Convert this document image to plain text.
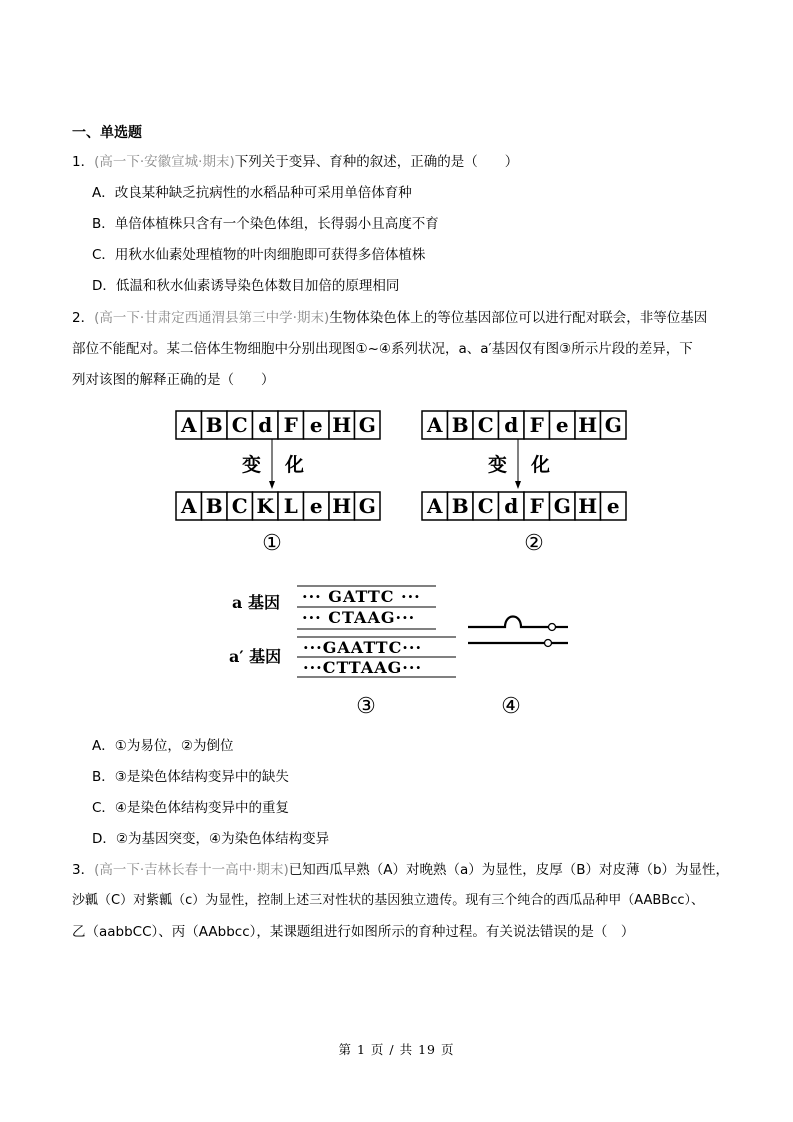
一、单选题
1．(高一下·安徽宣城·期末)下列关于变异、育种的叙述，正确的是（　　）
A．改良某种缺乏抗病性的水稻品种可采用单倍体育种
B．单倍体植株只含有一个染色体组，长得弱小且高度不育
C．用秋水仙素处理植物的叶肉细胞即可获得多倍体植株
D．低温和秋水仙素诱导染色体数目加倍的原理相同
2．(高一下·甘肃定西通渭县第三中学·期末)生物体染色体上的等位基因部位可以进行配对联会，非等位基因
部位不能配对。某二倍体生物细胞中分别出现图①~④系列状况，a、a′基因仅有图③所示片段的差异，下
列对该图的解释正确的是（　　）
A B C d F e H G
A B C K L e H G
A B C d F e H G
A B C d F G H e
变 化	变 化
①	②
a 基因 ··· GATTC ···
··· CTAAG···
a′ 基因 ···GAATTC···
···CTTAAG···
③	④
A．①为易位，②为倒位
B．③是染色体结构变异中的缺失
C．④是染色体结构变异中的重复
D．②为基因突变，④为染色体结构变异
3．(高一下·吉林长春十一高中·期末)已知西瓜早熟（A）对晚熟（a）为显性，皮厚（B）对皮薄（b）为显性，
沙瓤（C）对紫瓤（c）为显性，控制上述三对性状的基因独立遗传。现有三个纯合的西瓜品种甲（AABBcc）、
乙（aabbCC）、丙（AAbbcc），某课题组进行如图所示的育种过程。有关说法错误的是（　）
第 1 页 / 共 19 页
